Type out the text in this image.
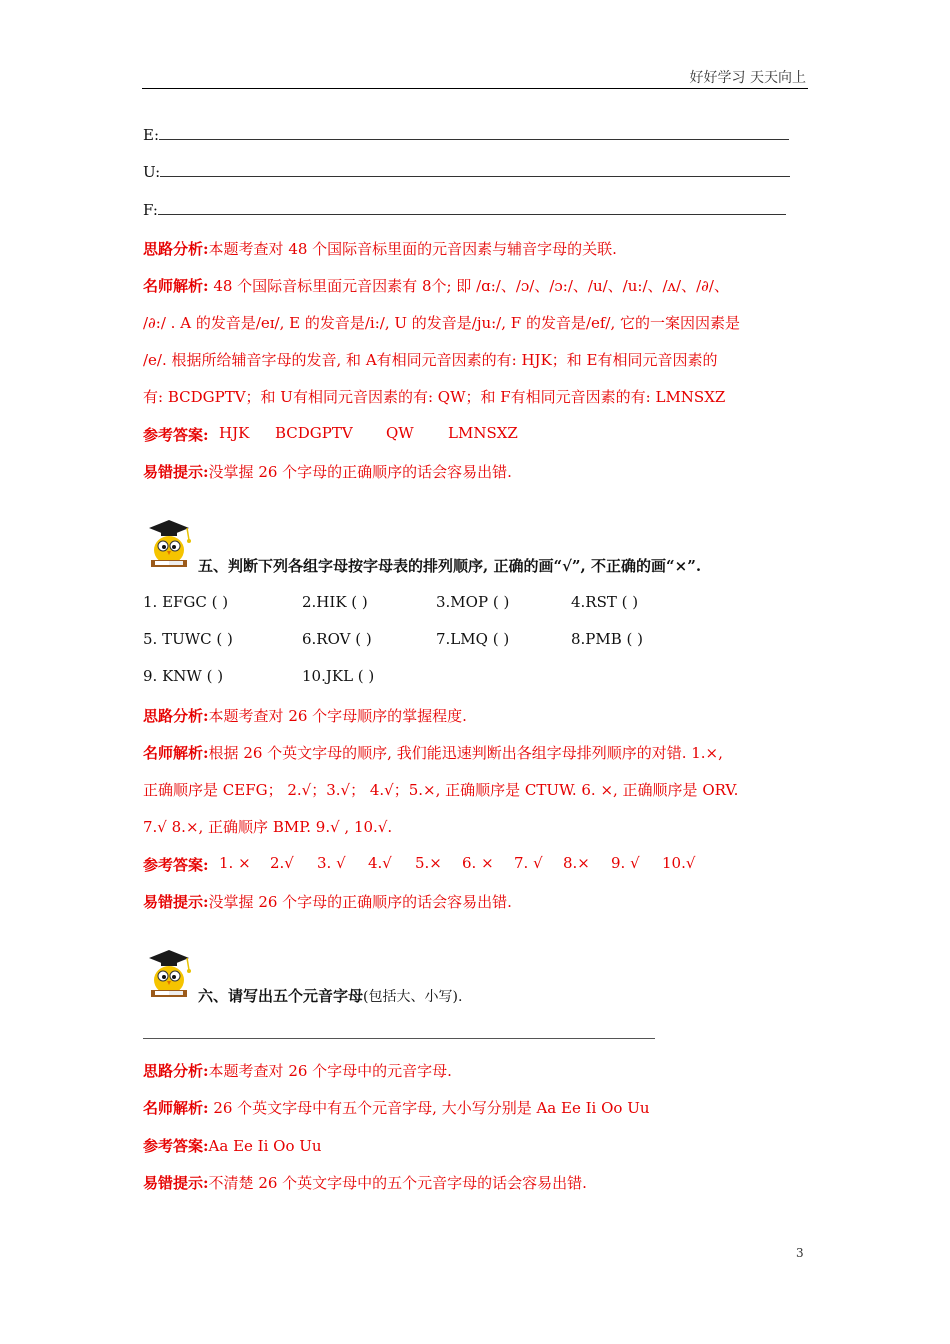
好好学习 天天向上
E:
U:
F:
思路分析:本题考查对 48 个国际音标里面的元音因素与辅音字母的关联.
名师解析: 48 个国际音标里面元音因素有 8个; 即 /ɑ:/、/ɔ/、/ɔ:/、/u/、/u:/、/ʌ/、/∂/、
/∂:/ . A 的发音是/eɪ/, E 的发音是/i:/, U 的发音是/ju:/, F 的发音是/ef/, 它的一案因因素是
/e/. 根据所给辅音字母的发音, 和 A有相同元音因素的有: HJK；和 E有相同元音因素的
有: BCDGPTV；和 U有相同元音因素的有: QW；和 F有相同元音因素的有: LMNSXZ
参考答案: HJK BCDGPTV QW LMNSXZ
易错提示:没掌握 26 个字母的正确顺序的话会容易出错.
五、判断下列各组字母按字母表的排列顺序, 正确的画“√”, 不正确的画“×”.
1. EFGC ( )	2.HIK ( )	3.MOP ( )	4.RST ( )
5. TUWC ( )	6.ROV ( )	7.LMQ ( )	8.PMB ( )
9. KNW ( )	10.JKL ( )
思路分析:本题考查对 26 个字母顺序的掌握程度.
名师解析:根据 26 个英文字母的顺序, 我们能迅速判断出各组字母排列顺序的对错. 1.×,
正确顺序是 CEFG； 2.√；3.√； 4.√；5.×, 正确顺序是 CTUW. 6. ×, 正确顺序是 ORV.
7.√ 8.×, 正确顺序 BMP. 9.√ , 10.√.
参考答案: 1. × 2.√ 3. √ 4.√ 5.× 6. × 7. √ 8.× 9. √ 10.√
易错提示:没掌握 26 个字母的正确顺序的话会容易出错.
六、请写出五个元音字母(包括大、小写).
思路分析:本题考查对 26 个字母中的元音字母.
名师解析: 26 个英文字母中有五个元音字母, 大小写分别是 Aa Ee Ii Oo Uu
参考答案:Aa Ee Ii Oo Uu
易错提示:不清楚 26 个英文字母中的五个元音字母的话会容易出错.
3
